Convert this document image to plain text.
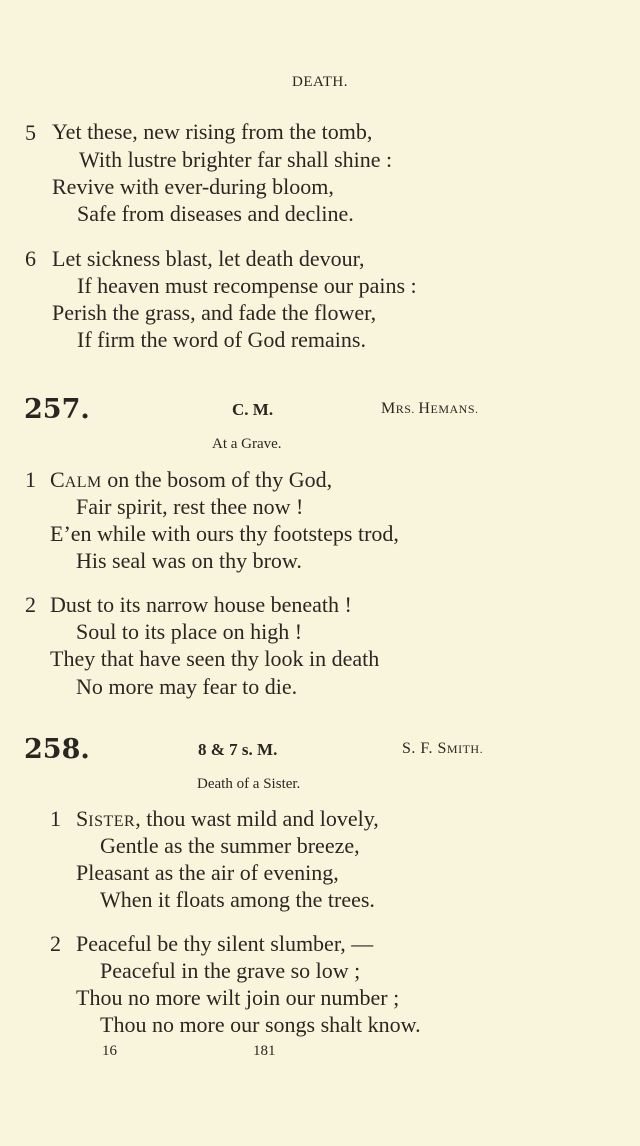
DEATH.
5 Yet these, new rising from the tomb,
With lustre brighter far shall shine :
Revive with ever-during bloom,
Safe from diseases and decline.
6 Let sickness blast, let death devour,
If heaven must recompense our pains :
Perish the grass, and fade the flower,
If firm the word of God remains.
257.	C. M.	MRS. HEMANS.
At a Grave.
1 CALM on the bosom of thy God,
Fair spirit, rest thee now !
E’en while with ours thy footsteps trod,
His seal was on thy brow.
2 Dust to its narrow house beneath !
Soul to its place on high !
They that have seen thy look in death
No more may fear to die.
258.	8 & 7 s. M.	S. F. SMITH.
Death of a Sister.
1 SISTER, thou wast mild and lovely,
Gentle as the summer breeze,
Pleasant as the air of evening,
When it floats among the trees.
2 Peaceful be thy silent slumber, —
Peaceful in the grave so low ;
Thou no more wilt join our number ;
Thou no more our songs shalt know.
16	181
